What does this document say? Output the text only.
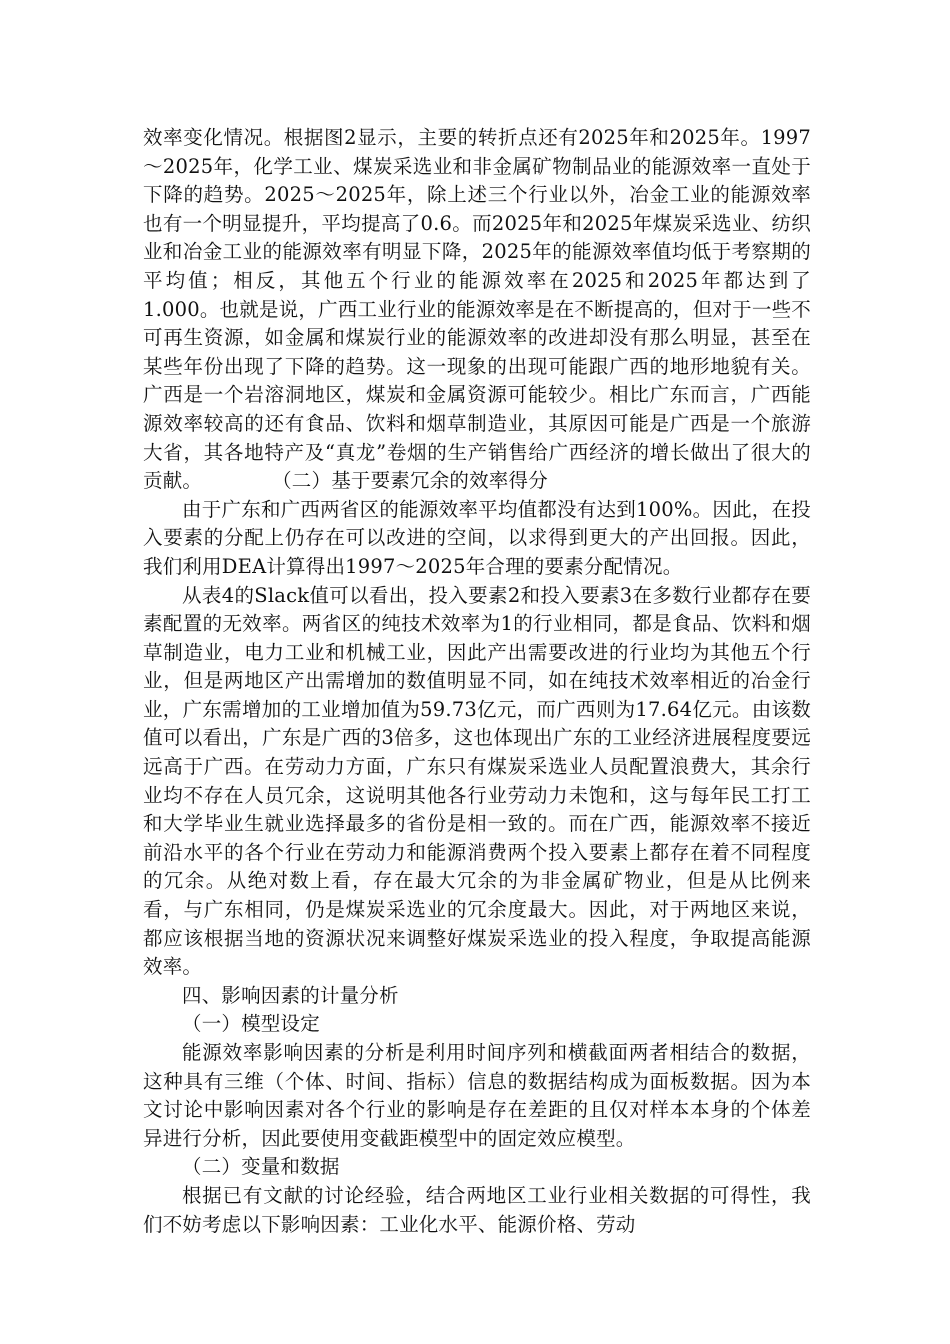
效率变化情况。根据图2显示，主要的转折点还有2025年和2025年。1997～2025年，化学工业、煤炭采选业和非金属矿物制品业的能源效率一直处于下降的趋势。2025～2025年，除上述三个行业以外，冶金工业的能源效率也有一个明显提升，平均提高了0.6。而2025年和2025年煤炭采选业、纺织业和冶金工业的能源效率有明显下降，2025年的能源效率值均低于考察期的平均值；相反，其他五个行业的能源效率在2025和2025年都达到了1.000。也就是说，广西工业行业的能源效率是在不断提高的，但对于一些不可再生资源，如金属和煤炭行业的能源效率的改进却没有那么明显，甚至在某些年份出现了下降的趋势。这一现象的出现可能跟广西的地形地貌有关。广西是一个岩溶洞地区，煤炭和金属资源可能较少。相比广东而言，广西能源效率较高的还有食品、饮料和烟草制造业，其原因可能是广西是一个旅游大省，其各地特产及“真龙”卷烟的生产销售给广西经济的增长做出了很大的贡献。	（二）基于要素冗余的效率得分

由于广东和广西两省区的能源效率平均值都没有达到100%。因此，在投入要素的分配上仍存在可以改进的空间，以求得到更大的产出回报。因此，我们利用DEA计算得出1997～2025年合理的要素分配情况。

从表4的Slack值可以看出，投入要素2和投入要素3在多数行业都存在要素配置的无效率。两省区的纯技术效率为1的行业相同，都是食品、饮料和烟草制造业，电力工业和机械工业，因此产出需要改进的行业均为其他五个行业，但是两地区产出需增加的数值明显不同，如在纯技术效率相近的冶金行业，广东需增加的工业增加值为59.73亿元，而广西则为17.64亿元。由该数值可以看出，广东是广西的3倍多，这也体现出广东的工业经济进展程度要远远高于广西。在劳动力方面，广东只有煤炭采选业人员配置浪费大，其余行业均不存在人员冗余，这说明其他各行业劳动力未饱和，这与每年民工打工和大学毕业生就业选择最多的省份是相一致的。而在广西，能源效率不接近前沿水平的各个行业在劳动力和能源消费两个投入要素上都存在着不同程度的冗余。从绝对数上看，存在最大冗余的为非金属矿物业，但是从比例来看，与广东相同，仍是煤炭采选业的冗余度最大。因此，对于两地区来说，都应该根据当地的资源状况来调整好煤炭采选业的投入程度，争取提高能源效率。

四、影响因素的计量分析

（一）模型设定

能源效率影响因素的分析是利用时间序列和横截面两者相结合的数据，这种具有三维（个体、时间、指标）信息的数据结构成为面板数据。因为本文讨论中影响因素对各个行业的影响是存在差距的且仅对样本本身的个体差异进行分析，因此要使用变截距模型中的固定效应模型。

（二）变量和数据

根据已有文献的讨论经验，结合两地区工业行业相关数据的可得性，我们不妨考虑以下影响因素：工业化水平、能源价格、劳动
